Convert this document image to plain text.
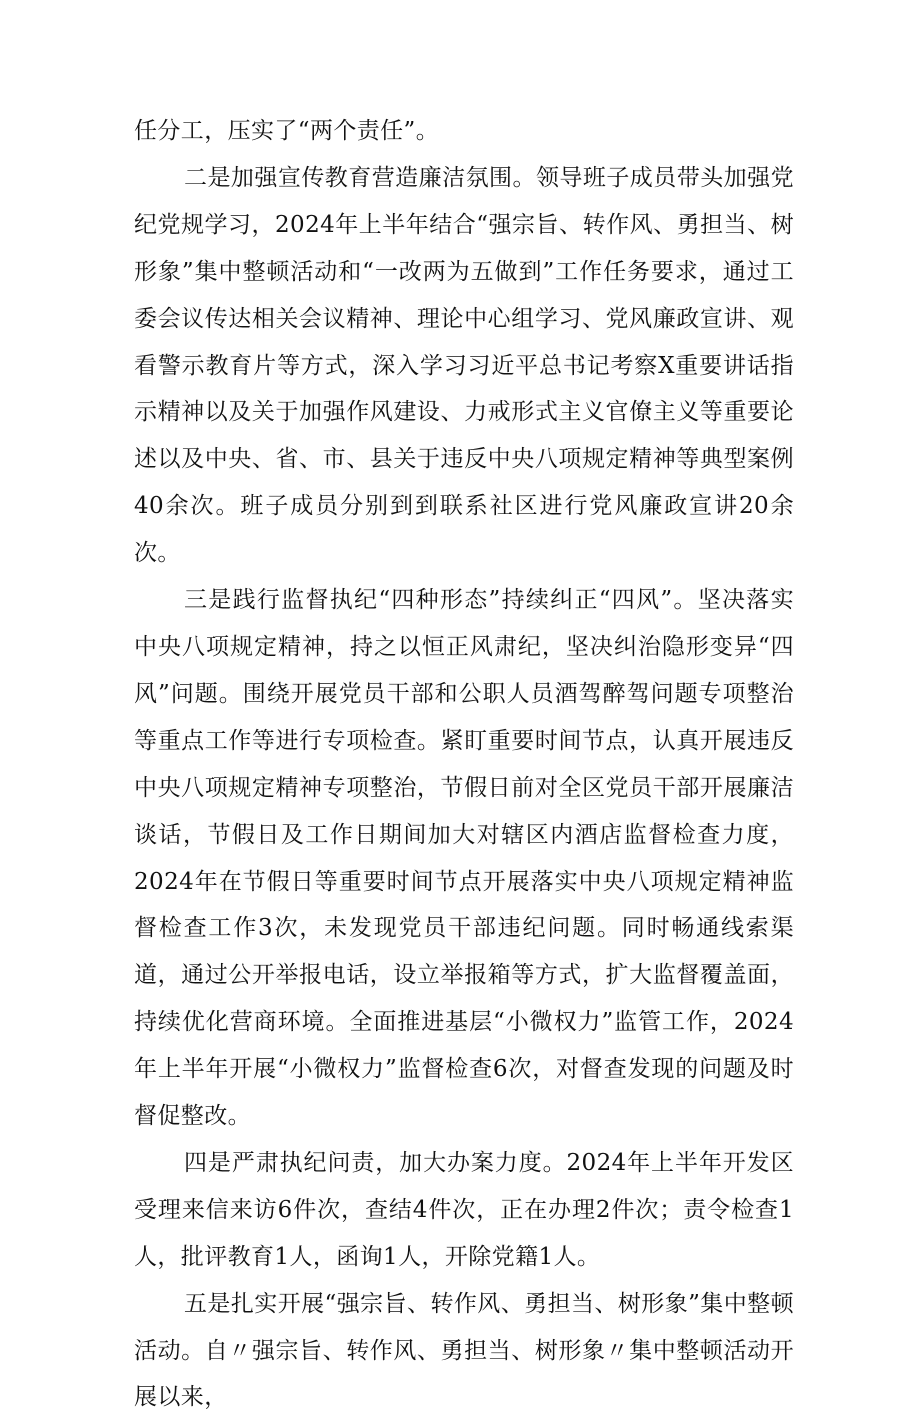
任分工，压实了“两个责任”。

二是加强宣传教育营造廉洁氛围。领导班子成员带头加强党纪党规学习，2024年上半年结合“强宗旨、转作风、勇担当、树形象”集中整顿活动和“一改两为五做到”工作任务要求，通过工委会议传达相关会议精神、理论中心组学习、党风廉政宣讲、观看警示教育片等方式，深入学习习近平总书记考察X重要讲话指示精神以及关于加强作风建设、力戒形式主义官僚主义等重要论述以及中央、省、市、县关于违反中央八项规定精神等典型案例40余次。班子成员分别到到联系社区进行党风廉政宣讲20余次。

三是践行监督执纪“四种形态”持续纠正“四风”。坚决落实中央八项规定精神，持之以恒正风肃纪，坚决纠治隐形变异“四风”问题。围绕开展党员干部和公职人员酒驾醉驾问题专项整治等重点工作等进行专项检查。紧盯重要时间节点，认真开展违反中央八项规定精神专项整治，节假日前对全区党员干部开展廉洁谈话，节假日及工作日期间加大对辖区内酒店监督检查力度，2024年在节假日等重要时间节点开展落实中央八项规定精神监督检查工作3次，未发现党员干部违纪问题。同时畅通线索渠道，通过公开举报电话，设立举报箱等方式，扩大监督覆盖面，持续优化营商环境。全面推进基层“小微权力”监管工作，2024年上半年开展“小微权力”监督检查6次，对督查发现的问题及时督促整改。

四是严肃执纪问责，加大办案力度。2024年上半年开发区受理来信来访6件次，查结4件次，正在办理2件次；责令检查1人，批评教育1人，函询1人，开除党籍1人。

五是扎实开展“强宗旨、转作风、勇担当、树形象”集中整顿活动。自〃强宗旨、转作风、勇担当、树形象〃集中整顿活动开展以来，
